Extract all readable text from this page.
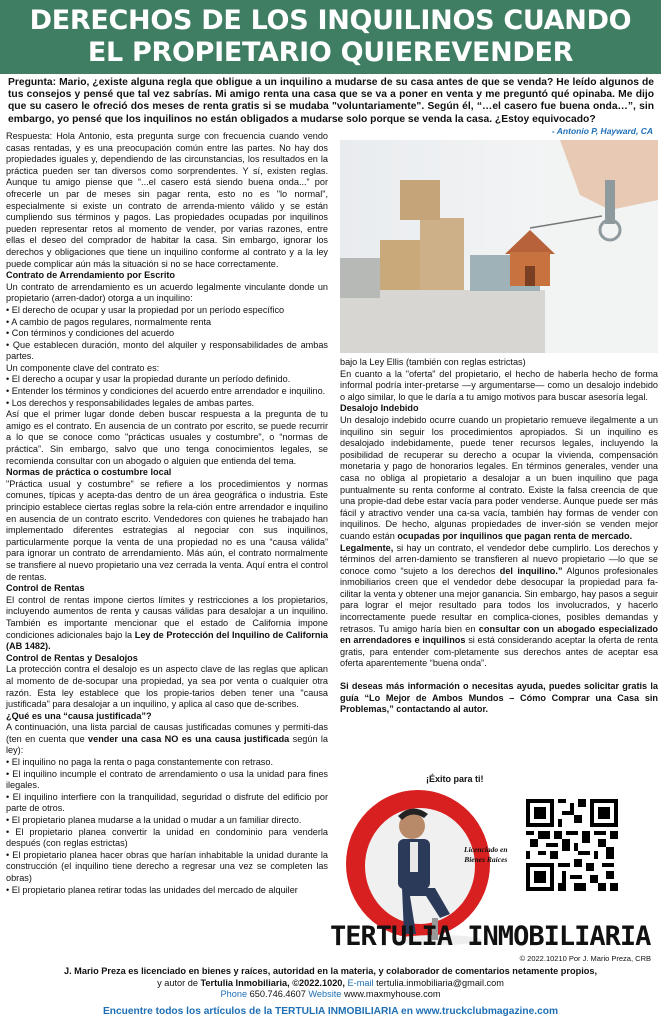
DERECHOS DE LOS INQUILINOS CUANDO
EL PROPIETARIO QUIEREVENDER
Pregunta: Mario, ¿existe alguna regla que obligue a un inquilino a mudarse de su casa antes de que se venda? He leído algunos de tus consejos y pensé que tal vez sabrías. Mi amigo renta una casa que se va a poner en venta y me preguntó qué opinaba. Me dijo que su casero le ofreció dos meses de renta gratis si se mudaba "voluntariamente". Según él, “…el casero fue buena onda…”, sin embargo, yo pensé que los inquilinos no están obligados a mudarse solo porque se venda la casa. ¿Estoy equivocado?
- Antonio P, Hayward, CA

Respuesta: Hola Antonio, esta pregunta surge con frecuencia cuando vendo casas rentadas, y es una preocupación común entre las partes. No hay dos propiedades iguales y, dependiendo de las circunstancias, los resultados en la práctica pueden ser tan diversos como sorprendentes. Y sí, existen reglas. Aunque tu amigo piense que “...el casero está siendo buena onda...” por ofrecerle un par de meses sin pagar renta, esto no es "lo normal", especialmente si existe un contrato de arrenda-miento válido y se están cumpliendo sus términos y pagos. Las propiedades ocupadas por inquilinos pueden representar retos al momento de vender, por varias razones, entre ellas el deseo del comprador de habitar la casa. Sin embargo, ignorar los derechos y obligaciones que tiene un inquilino conforme al contrato y a la ley puede complicar aún más la situación si no se hace correctamente.

Contrato de Arrendamiento por Escrito

Un contrato de arrendamiento es un acuerdo legalmente vinculante donde un propietario (arren-dador) otorga a un inquilino:

• El derecho de ocupar y usar la propiedad por un período específico

• A cambio de pagos regulares, normalmente renta

• Con términos y condiciones del acuerdo

• Que establecen duración, monto del alquiler y responsabilidades de ambas partes.

Un componente clave del contrato es:

• El derecho a ocupar y usar la propiedad durante un período definido.

• Entender los términos y condiciones del acuerdo entre arrendador e inquilino.

• Los derechos y responsabilidades legales de ambas partes.

Así que el primer lugar donde deben buscar respuesta a la pregunta de tu amigo es el contrato. En ausencia de un contrato por escrito, se puede recurrir a lo que se conoce como "prácticas usuales y costumbre", o “normas de práctica”. Sin embargo, salvo que uno tenga conocimientos legales, se recomienda consultar con un abogado o alguien que entienda del tema.

Normas de práctica o costumbre local

"Práctica usual y costumbre" se refiere a los procedimientos y normas comunes, típicas y acepta-das dentro de un área geográfica o industria. Este principio establece ciertas reglas sobre la rela-ción entre arrendador e inquilino en ausencia de un contrato escrito. Vendedores con quienes he trabajado han implementado diferentes estrategias al negociar con sus inquilinos, particularmente porque la venta de una propiedad no es una “causa válida” para ignorar un contrato de arrendamiento. Más aún, el contrato normalmente se transfiere al nuevo propietario una vez cerrada la venta. Aquí entra el control de rentas.

Control de Rentas

El control de rentas impone ciertos límites y restricciones a los propietarios, incluyendo aumentos de renta y causas válidas para desalojar a un inquilino. También es importante mencionar que el estado de California impone condiciones adicionales bajo la Ley de Protección del Inquilino de California (AB 1482).

Control de Rentas y Desalojos

La protección contra el desalojo es un aspecto clave de las reglas que aplican al momento de de-socupar una propiedad, ya sea por venta o cualquier otra razón. Esta ley establece que los propie-tarios deben tener una "causa justificada" para desalojar a un inquilino, y aplica al caso que de-scribes.

¿Qué es una “causa justificada”?

A continuación, una lista parcial de causas justificadas comunes y permiti-das (ten en cuenta que vender una casa NO es una causa justificada según la ley):

• El inquilino no paga la renta o paga constantemente con retraso.

• El inquilino incumple el contrato de arrendamiento o usa la unidad para fines ilegales.

• El inquilino interfiere con la tranquilidad, seguridad o disfrute del edificio por parte de otros.

• El propietario planea mudarse a la unidad o mudar a un familiar directo.

• El propietario planea convertir la unidad en condominio para venderla después (con reglas estrictas)

• El propietario planea hacer obras que harían inhabitable la unidad durante la construcción (el inquilino tiene derecho a regresar una vez se completen las obras)

• El propietario planea retirar todas las unidades del mercado de alquiler

bajo la Ley Ellis (también con reglas estrictas)

En cuanto a la "oferta" del propietario, el hecho de haberla hecho de forma informal podría inter-pretarse —y argumentarse— como un desalojo indebido o algo similar, lo que le daría a tu amigo motivos para buscar asesoría legal.

Desalojo Indebido

Un desalojo indebido ocurre cuando un propietario remueve ilegalmente a un inquilino sin seguir los procedimientos apropiados. Si un inquilino es desalojado indebidamente, puede tener recursos legales, incluyendo la posibilidad de recuperar su derecho a ocupar la vivienda, compensación monetaria y pago de honorarios legales. En términos generales, vender una casa no obliga al propietario a desalojar a un buen inquilino que paga puntualmente su renta conforme al contrato. Existe la falsa creencia de que una propie-dad debe estar vacía para poder venderse. Aunque puede ser más fácil y atractivo vender una ca-sa vacía, también hay formas de vender con inquilinos. De hecho, algunas propiedades de inver-sión se venden mejor cuando están ocupadas por inquilinos que pagan renta de mercado.

Legalmente, si hay un contrato, el vendedor debe cumplirlo. Los derechos y términos del arren-damiento se transfieren al nuevo propietario —lo que se conoce como “sujeto a los derechos del inquilino.” Algunos profesionales inmobiliarios creen que el vendedor debe desocupar la propiedad para fa-cilitar la venta y obtener una mejor ganancia. Sin embargo, hay pasos a seguir para lograr el mejor resultado para todos los involucrados, y hacerlo incorrectamente puede resultar en complica-ciones, posibles demandas y retrasos. Tu amigo haría bien en consultar con un abogado especializado en arrendadores e inquilinos si está considerando aceptar la oferta de renta gratis, para entender com-pletamente sus derechos antes de aceptar esa oferta aparentemente “buena onda”.

Si deseas más información o necesitas ayuda, puedes solicitar gratis la guía “Lo Mejor de Ambos Mundos – Cómo Comprar una Casa sin Problemas,” contactando al autor.

¡Éxito para ti!
Licenciado en
Bienes Raíces
TERTULIA INMOBILIARIA
© 2022.10210 Por J. Mario Preza, CRB
J. Mario Preza es licenciado en bienes y raíces, autoridad en la materia, y colaborador de comentarios netamente propios,
y autor de Tertulia Inmobiliaria, ©2022.1020, E-mail tertulia.inmobiliaria@gmail.com
Phone 650.746.4607 Website www.maxmyhouse.com
Encuentre todos los artículos de la TERTULIA INMOBILIARIA en www.truckclubmagazine.com
